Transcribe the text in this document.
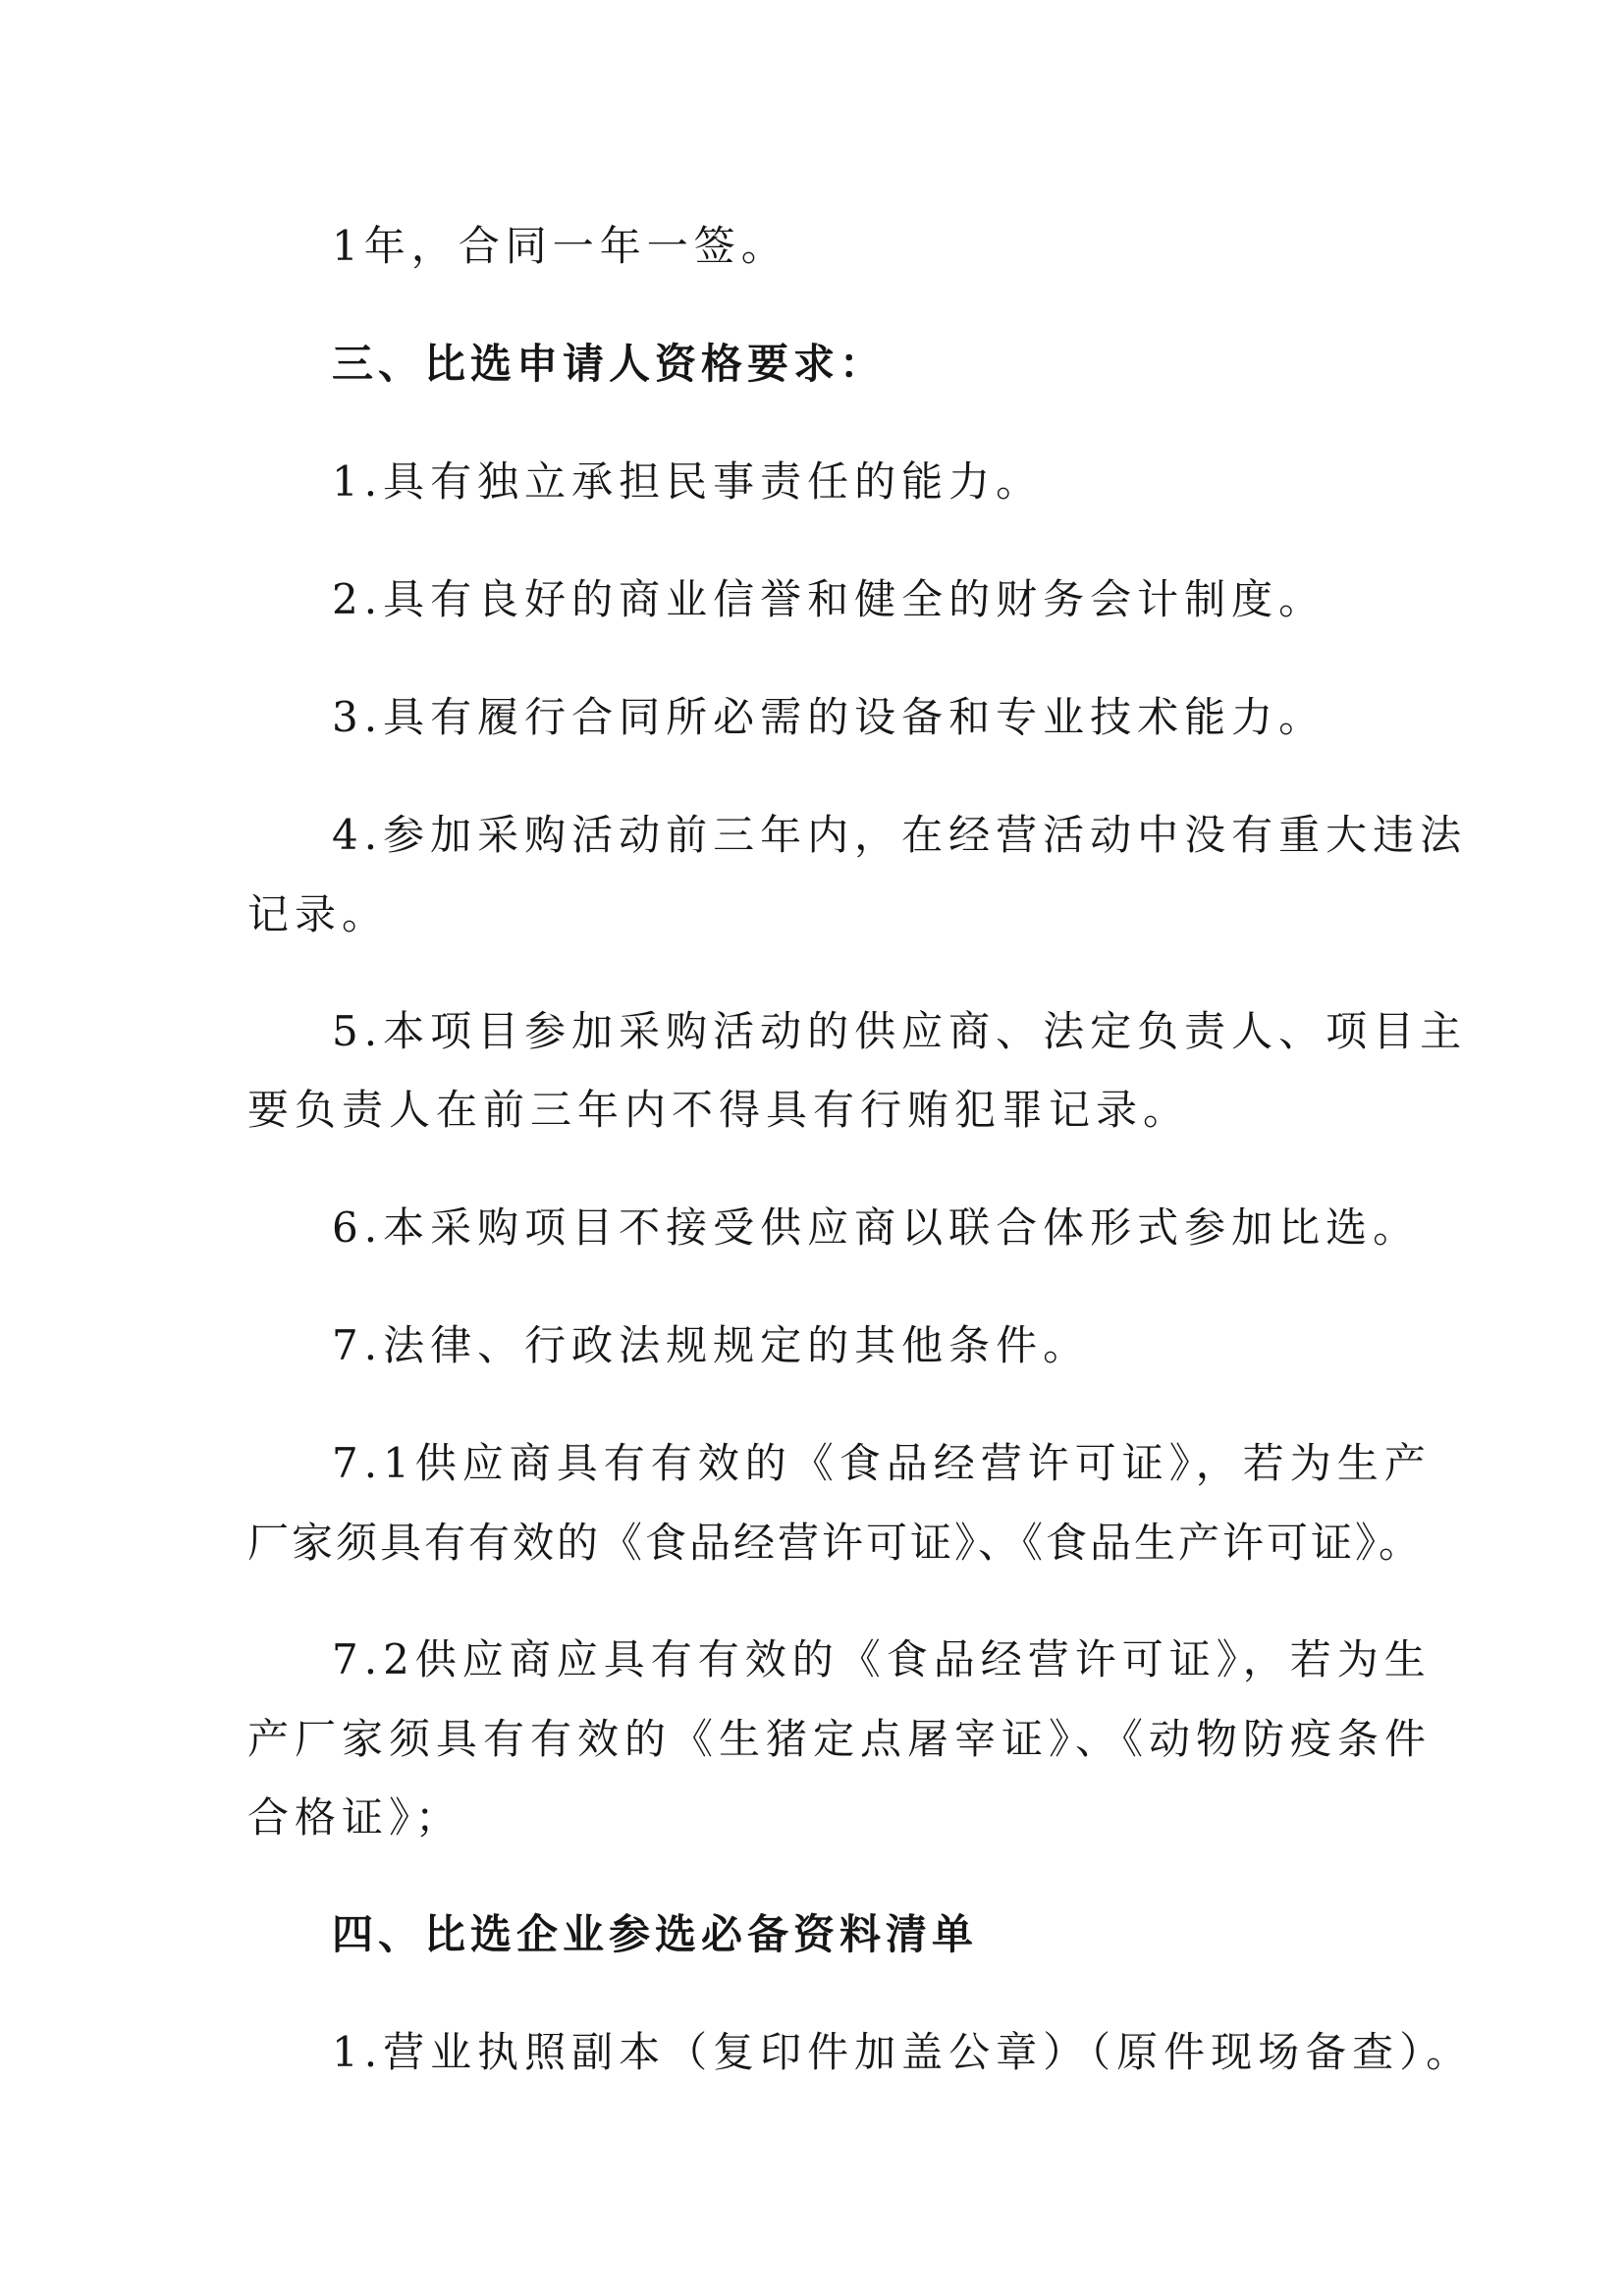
1年，合同一年一签。
三、比选申请人资格要求：
1.具有独立承担民事责任的能力。
2.具有良好的商业信誉和健全的财务会计制度。
3.具有履行合同所必需的设备和专业技术能力。
4.参加采购活动前三年内，在经营活动中没有重大违法
记录。
5.本项目参加采购活动的供应商、法定负责人、项目主
要负责人在前三年内不得具有行贿犯罪记录。
6.本采购项目不接受供应商以联合体形式参加比选。
7.法律、行政法规规定的其他条件。
7.1供应商具有有效的《食品经营许可证》，若为生产
厂家须具有有效的《食品经营许可证》、《食品生产许可证》。
7.2供应商应具有有效的《食品经营许可证》，若为生
产厂家须具有有效的《生猪定点屠宰证》、《动物防疫条件
合格证》；
四、比选企业参选必备资料清单
1.营业执照副本（复印件加盖公章）（原件现场备查）。
